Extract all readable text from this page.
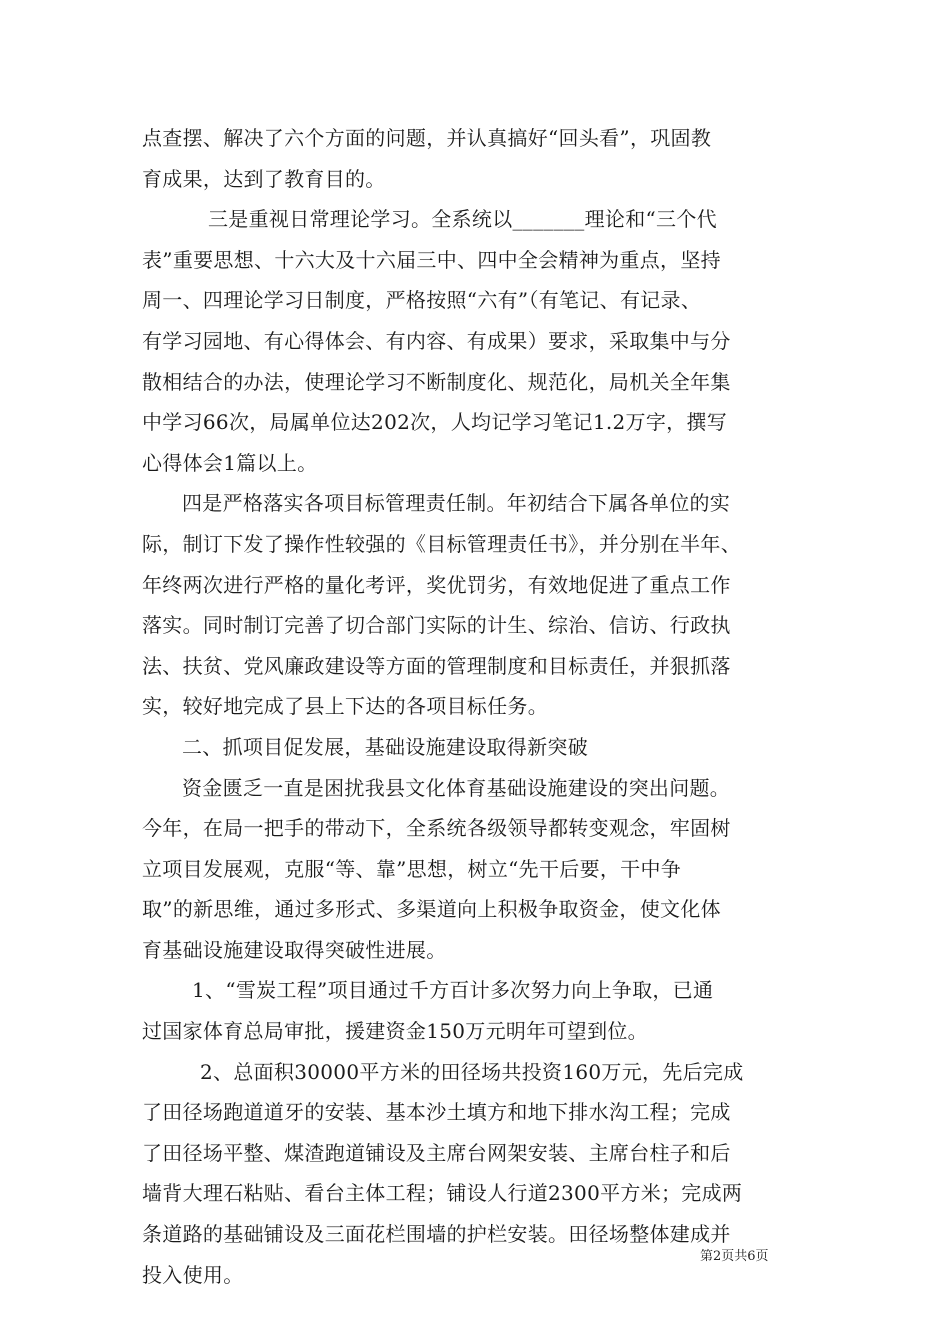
点查摆、解决了六个方面的问题，并认真搞好“回头看”，巩固教
育成果，达到了教育目的。
三是重视日常理论学习。全系统以_______理论和“三个代
表”重要思想、十六大及十六届三中、四中全会精神为重点，坚持
周一、四理论学习日制度，严格按照“六有”（有笔记、有记录、
有学习园地、有心得体会、有内容、有成果）要求，采取集中与分
散相结合的办法，使理论学习不断制度化、规范化，局机关全年集
中学习66次，局属单位达202次，人均记学习笔记1.2万字，撰写
心得体会1篇以上。
四是严格落实各项目标管理责任制。年初结合下属各单位的实
际，制订下发了操作性较强的《目标管理责任书》，并分别在半年、
年终两次进行严格的量化考评，奖优罚劣，有效地促进了重点工作
落实。同时制订完善了切合部门实际的计生、综治、信访、行政执
法、扶贫、党风廉政建设等方面的管理制度和目标责任，并狠抓落
实，较好地完成了县上下达的各项目标任务。
二、抓项目促发展，基础设施建设取得新突破
资金匮乏一直是困扰我县文化体育基础设施建设的突出问题。
今年，在局一把手的带动下，全系统各级领导都转变观念，牢固树
立项目发展观，克服“等、靠”思想，树立“先干后要，干中争
取”的新思维，通过多形式、多渠道向上积极争取资金，使文化体
育基础设施建设取得突破性进展。
1、“雪炭工程”项目通过千方百计多次努力向上争取，已通
过国家体育总局审批，援建资金150万元明年可望到位。
2、总面积30000平方米的田径场共投资160万元，先后完成
了田径场跑道道牙的安装、基本沙土填方和地下排水沟工程；完成
了田径场平整、煤渣跑道铺设及主席台网架安装、主席台柱子和后
墙背大理石粘贴、看台主体工程；铺设人行道2300平方米；完成两
条道路的基础铺设及三面花栏围墙的护栏安装。田径场整体建成并
投入使用。
第2页共6页
